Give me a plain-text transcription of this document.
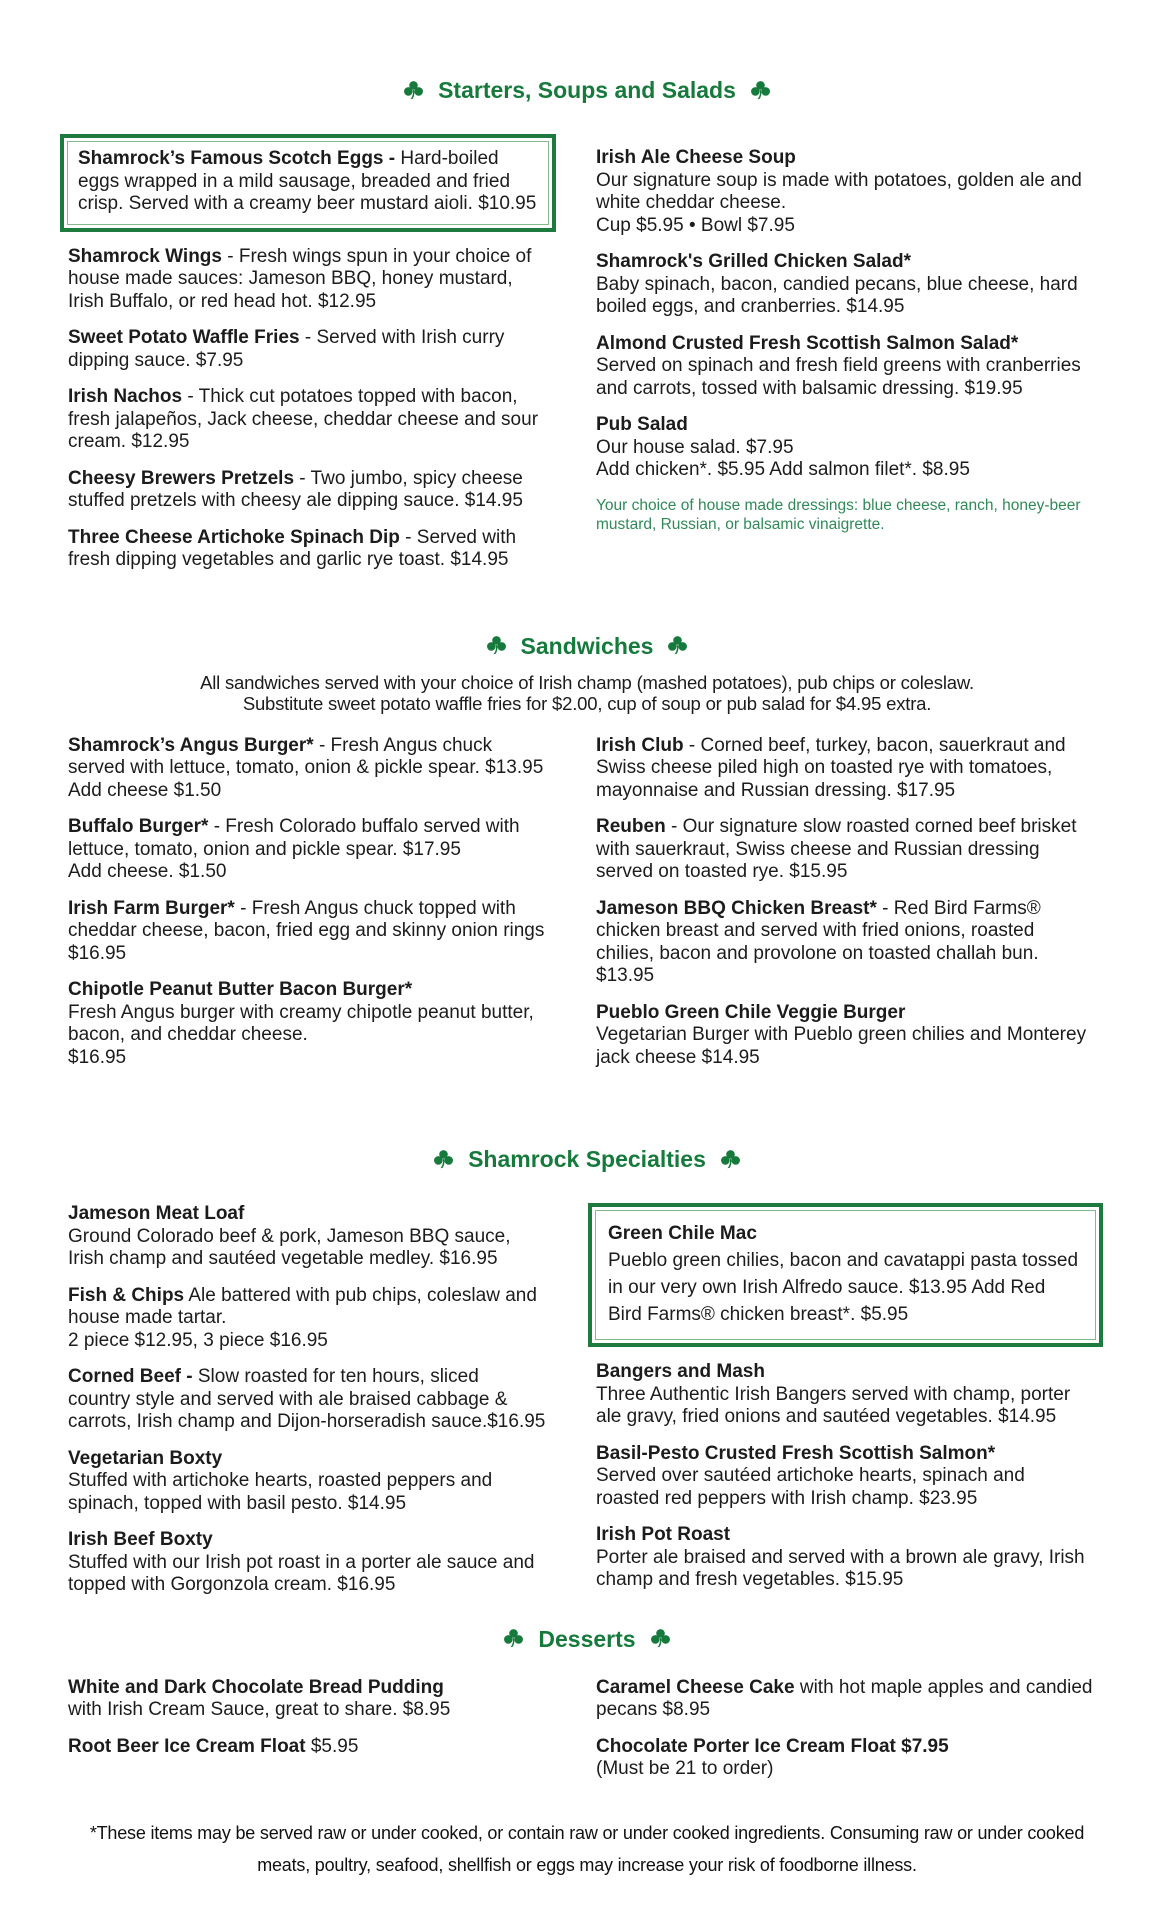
Starters, Soups and Salads

Shamrock’s Famous Scotch Eggs - Hard-boiled eggs wrapped in a mild sausage, breaded and fried crisp. Served with a creamy beer mustard aioli. $10.95

Shamrock Wings - Fresh wings spun in your choice of house made sauces: Jameson BBQ, honey mustard, Irish Buffalo, or red head hot. $12.95

Sweet Potato Waffle Fries - Served with Irish curry dipping sauce. $7.95

Irish Nachos - Thick cut potatoes topped with bacon, fresh jalapeños, Jack cheese, cheddar cheese and sour cream. $12.95

Cheesy Brewers Pretzels - Two jumbo, spicy cheese stuffed pretzels with cheesy ale dipping sauce. $14.95

Three Cheese Artichoke Spinach Dip - Served with fresh dipping vegetables and garlic rye toast. $14.95

Irish Ale Cheese Soup
Our signature soup is made with potatoes, golden ale and white cheddar cheese.

Cup $5.95 • Bowl $7.95

Shamrock's Grilled Chicken Salad*
Baby spinach, bacon, candied pecans, blue cheese, hard boiled eggs, and cranberries. $14.95

Almond Crusted Fresh Scottish Salmon Salad*
Served on spinach and fresh field greens with cranberries and carrots, tossed with balsamic dressing. $19.95

Pub Salad
Our house salad. $7.95

Add chicken*. $5.95 Add salmon filet*. $8.95

Your choice of house made dressings: blue cheese, ranch, honey-beer mustard, Russian, or balsamic vinaigrette.

Sandwiches

All sandwiches served with your choice of Irish champ (mashed potatoes), pub chips or coleslaw.

Substitute sweet potato waffle fries for $2.00, cup of soup or pub salad for $4.95 extra.

Shamrock’s Angus Burger* - Fresh Angus chuck served with lettuce, tomato, onion & pickle spear. $13.95

Add cheese $1.50

Buffalo Burger* - Fresh Colorado buffalo served with lettuce, tomato, onion and pickle spear. $17.95

Add cheese. $1.50

Irish Farm Burger* - Fresh Angus chuck topped with cheddar cheese, bacon, fried egg and skinny onion rings

$16.95

Chipotle Peanut Butter Bacon Burger*
Fresh Angus burger with creamy chipotle peanut butter, bacon, and cheddar cheese.

$16.95

Irish Club - Corned beef, turkey, bacon, sauerkraut and Swiss cheese piled high on toasted rye with tomatoes, mayonnaise and Russian dressing. $17.95

Reuben - Our signature slow roasted corned beef brisket with sauerkraut, Swiss cheese and Russian dressing served on toasted rye. $15.95

Jameson BBQ Chicken Breast* - Red Bird Farms® chicken breast and served with fried onions, roasted chilies, bacon and provolone on toasted challah bun.

$13.95

Pueblo Green Chile Veggie Burger
Vegetarian Burger with Pueblo green chilies and Monterey jack cheese $14.95

Shamrock Specialties

Jameson Meat Loaf
Ground Colorado beef & pork, Jameson BBQ sauce, Irish champ and sautéed vegetable medley. $16.95

Fish & Chips Ale battered with pub chips, coleslaw and house made tartar.

2 piece $12.95, 3 piece $16.95

Corned Beef - Slow roasted for ten hours, sliced country style and served with ale braised cabbage & carrots, Irish champ and Dijon-horseradish sauce.$16.95

Vegetarian Boxty
Stuffed with artichoke hearts, roasted peppers and spinach, topped with basil pesto. $14.95

Irish Beef Boxty
Stuffed with our Irish pot roast in a porter ale sauce and topped with Gorgonzola cream. $16.95

Green Chile Mac
Pueblo green chilies, bacon and cavatappi pasta tossed in our very own Irish Alfredo sauce. $13.95 Add Red Bird Farms® chicken breast*. $5.95

Bangers and Mash
Three Authentic Irish Bangers served with champ, porter ale gravy, fried onions and sautéed vegetables. $14.95

Basil-Pesto Crusted Fresh Scottish Salmon*
Served over sautéed artichoke hearts, spinach and roasted red peppers with Irish champ. $23.95

Irish Pot Roast
Porter ale braised and served with a brown ale gravy, Irish champ and fresh vegetables. $15.95

Desserts

White and Dark Chocolate Bread Pudding
with Irish Cream Sauce, great to share. $8.95

Root Beer Ice Cream Float $5.95

Caramel Cheese Cake with hot maple apples and candied pecans $8.95

Chocolate Porter Ice Cream Float $7.95
(Must be 21 to order)

*These items may be served raw or under cooked, or contain raw or under cooked ingredients. Consuming raw or under cooked
meats, poultry, seafood, shellfish or eggs may increase your risk of foodborne illness.
